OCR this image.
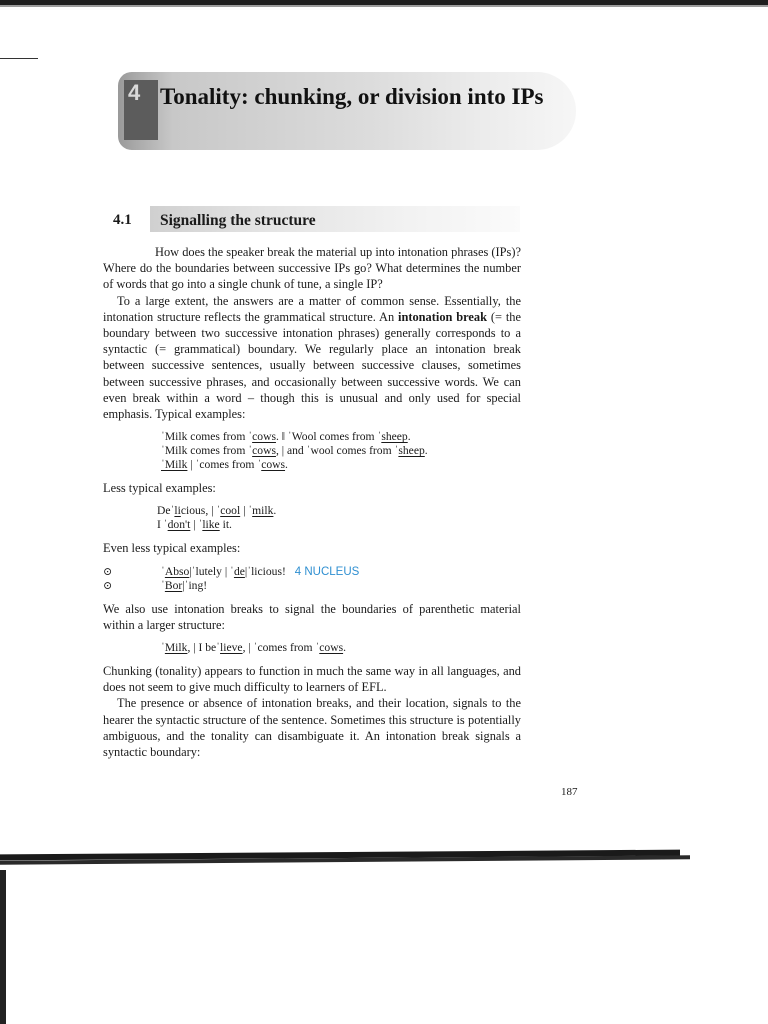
4 Tonality: chunking, or division into IPs
4.1 Signalling the structure

How does the speaker break the material up into intonation phrases (IPs)? Where do the boundaries between successive IPs go? What determines the number of words that go into a single chunk of tune, a single IP?

To a large extent, the answers are a matter of common sense. Essentially, the intonation structure reflects the grammatical structure. An intonation break (= the boundary between two successive intonation phrases) generally corresponds to a syntactic (= grammatical) boundary. We regularly place an intonation break between successive sentences, usually between successive clauses, sometimes between successive phrases, and occasionally between successive words. We can even break within a word – though this is unusual and only used for special emphasis. Typical examples:

ˈMilk comes from ˈcows. ‖ ˈWool comes from ˈsheep.
ˈMilk comes from ˈcows, | and ˈwool comes from ˈsheep.
ˈMilk | ˈcomes from ˈcows.

Less typical examples:

Deˈlicious, | ˈcool | ˈmilk.
I ˈdon't | ˈlike it.

Even less typical examples:

⊙	ˈAbso|ˈlutely | ˈde|ˈlicious! 4 NUCLEUS
⊙	ˈBor|ˈing!

We also use intonation breaks to signal the boundaries of parenthetic material within a larger structure:

ˈMilk, | I beˈlieve, | ˈcomes from ˈcows.

Chunking (tonality) appears to function in much the same way in all languages, and does not seem to give much difficulty to learners of EFL.

The presence or absence of intonation breaks, and their location, signals to the hearer the syntactic structure of the sentence. Sometimes this structure is potentially ambiguous, and the tonality can disambiguate it. An intonation break signals a syntactic boundary:

187
